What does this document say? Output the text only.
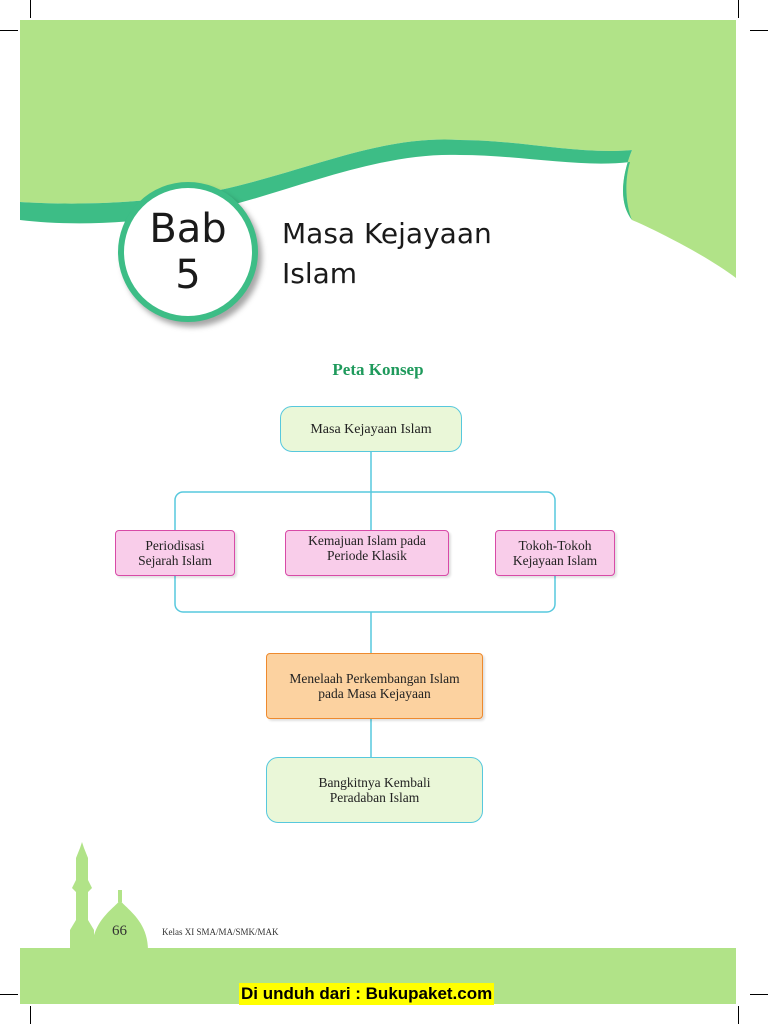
Bab
5
Masa Kejayaan
Islam
Peta Konsep
Masa Kejayaan Islam
Periodisasi
Sejarah Islam
Kemajuan Islam pada
Periode Klasik
Tokoh-Tokoh
Kejayaan Islam
Menelaah Perkembangan Islam
pada Masa Kejayaan
Bangkitnya Kembali
Peradaban Islam
66	Kelas XI SMA/MA/SMK/MAK
Di unduh dari : Bukupaket.com
